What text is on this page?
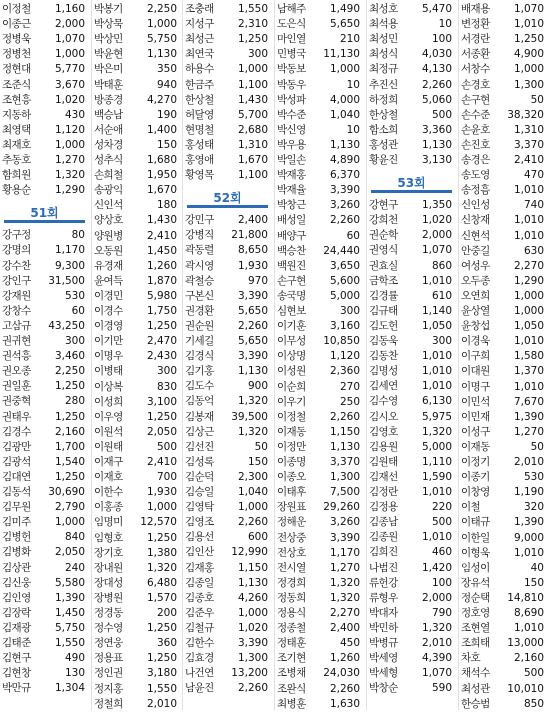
이정철 1,160
이종근 2,000
정병욱 1,070
정병천 1,000
정현대 5,770
조준식 3,670
조현흥 1,020
지동하	430
최영택 1,120
최재호 1,000
추동호 1,270
함희원 1,320
황용순 1,290
51회
강구정	80
강명의 1,170
강수찬 9,300
강인구 31,500
강재원	530
강창수	60
고삼규 43,250
권귀현	300
권석흥 3,460
권오종 2,250
권일훈 1,250
권중혁	280
권태우 1,250
김경수 2,160
김광만 1,700
김광석 1,540
김대연 1,250
김동석 30,690
김무원 2,790
김미주 1,000
김병헌	840
김병화 2,050
김상관	240
김신웅 5,580
김인영 1,390
김장락 1,450
김재광 5,750
김태준 1,550
김현구	490
김현창	130
박만규 1,304
박봉기 2,250
박상묵 1,000
박상민 5,750
박윤현 1,130
박은미	350
박태훈	940
방종경 4,270
백승남	190
서순애 1,400
성차경	150
성추식 1,680
손희철 1,950
송광익 1,670
신인석	180
양상호 1,430
양원병 2,410
오동원 1,450
유경재 1,260
윤여득 1,870
이경민 5,980
이경수 1,750
이경영 1,250
이기만 2,470
이명우 2,430
이병태	300
이상복	830
이성희 3,100
이우영 1,250
이원석 2,050
이원태	500
이재구 2,410
이재호	700
이한수 1,930
이홍종 1,000
임명미 12,570
임형호 1,250
장기호 1,380
장내원 1,320
장대성 6,480
장병원 1,570
정경동	200
정수영 1,250
정연웅	360
정용표 1,250
정인권 3,180
정지홍 1,550
정철희 2,010
조충래 1,550
지성구 2,310
최성근 1,250
최연국	300
하용수 1,000
한금주 1,100
한상철 1,430
허달영 5,700
현명철 2,680
홍성태 1,310
홍영애 1,670
황영목 1,100
52회
강민구 2,400
강병직 21,800
곽동렬 8,650
곽시영 1,930
곽철승	970
구본신 3,390
권경환 5,650
권순원 2,260
기세길 5,650
김경식 3,390
김기홍 1,130
김도수	900
김동억 1,320
김봉재 39,500
김상근 1,320
김선진	50
김성록	150
김순덕 2,300
김승일 1,040
김영탁 1,000
김영조 2,260
김용선	600
김인산 12,990
김재홍 1,150
김종일 1,130
김종호 4,260
김준우 1,000
김철규 1,020
김한수 3,390
김효경 1,300
나건연 13,200
남윤진 2,260
남해주 1,490
도은식 5,650
마인열	210
민병국 11,130
박동보 1,000
박동우	10
박성파 4,000
박수준 1,040
박신영	10
박우용 1,130
박일손 4,890
박재홍 6,370
박재율 3,390
박창근 3,260
배성일 2,260
배양구	60
백승찬 24,440
백원진 3,650
손구현 5,600
송국명 5,000
심현보	300
이기훈 3,160
이무성 10,850
이상명 1,120
이성원 2,360
이순희	270
이우기	250
이정철 2,260
이재동 1,150
이정만 1,130
이종명 3,370
이종오 1,300
이태후 7,500
장원표 29,260
정해운 3,260
전상중 3,390
전상호 1,170
전시열 1,270
정경희 1,320
정동희 1,320
정용식 2,270
정종철 2,400
정태훈	450
조기현 1,260
조병채 24,030
조완식 2,260
최병훈 1,630
최성호 5,470
최석용	10
최성민	100
최성식 4,030
최정규 4,130
추진신 2,260
하정희 5,060
한상철	500
함소희 3,360
홍성관 1,130
황윤진 3,130
53회
강현구 1,350
강희천 1,020
권순학 2,000
권영식 1,070
권효실	860
금학조 1,010
김경률	610
김규태 1,140
김도헌 1,050
김동욱	300
김동찬 1,010
김명성 1,010
김세연 1,010
김수영 6,130
김시오 5,975
김영호 1,320
김용원 5,000
김원태 1,110
김재선 1,590
김정란 1,010
김정용	220
김종남	500
김종원 1,010
김희진	460
나범진 1,420
류헌강	100
류형우 2,000
박대자	790
박민하 1,320
박병규 2,010
박세영 4,390
박세형 1,070
박창순	590
배재용 1,070
변정환 1,010
서경란 1,250
서종환 4,900
서창수 1,000
손경호 1,300
손구현	50
손수준 38,320
손윤호 1,310
손진호 3,370
송경은 2,410
송도영	470
송정흠 1,010
신인성	740
신창재 1,010
신현석 1,010
안중길	630
여성우 2,270
오두종 1,290
오연희 1,000
윤상열 1,000
윤창섭 1,050
이경욱 1,010
이구희 1,580
이대원 1,370
이명구 1,010
이민석 7,670
이민재 1,390
이성구 1,270
이재동	50
이정기 2,010
이종기	530
이창영 1,190
이철	320
이태규 1,390
이한일 9,000
이형욱 1,010
임성이	40
장유석	150
정순택 14,810
정호영 8,690
조현열 1,010
조희태 13,000
차호	2,160
채석수	500
최성관 10,010
한승범	850
